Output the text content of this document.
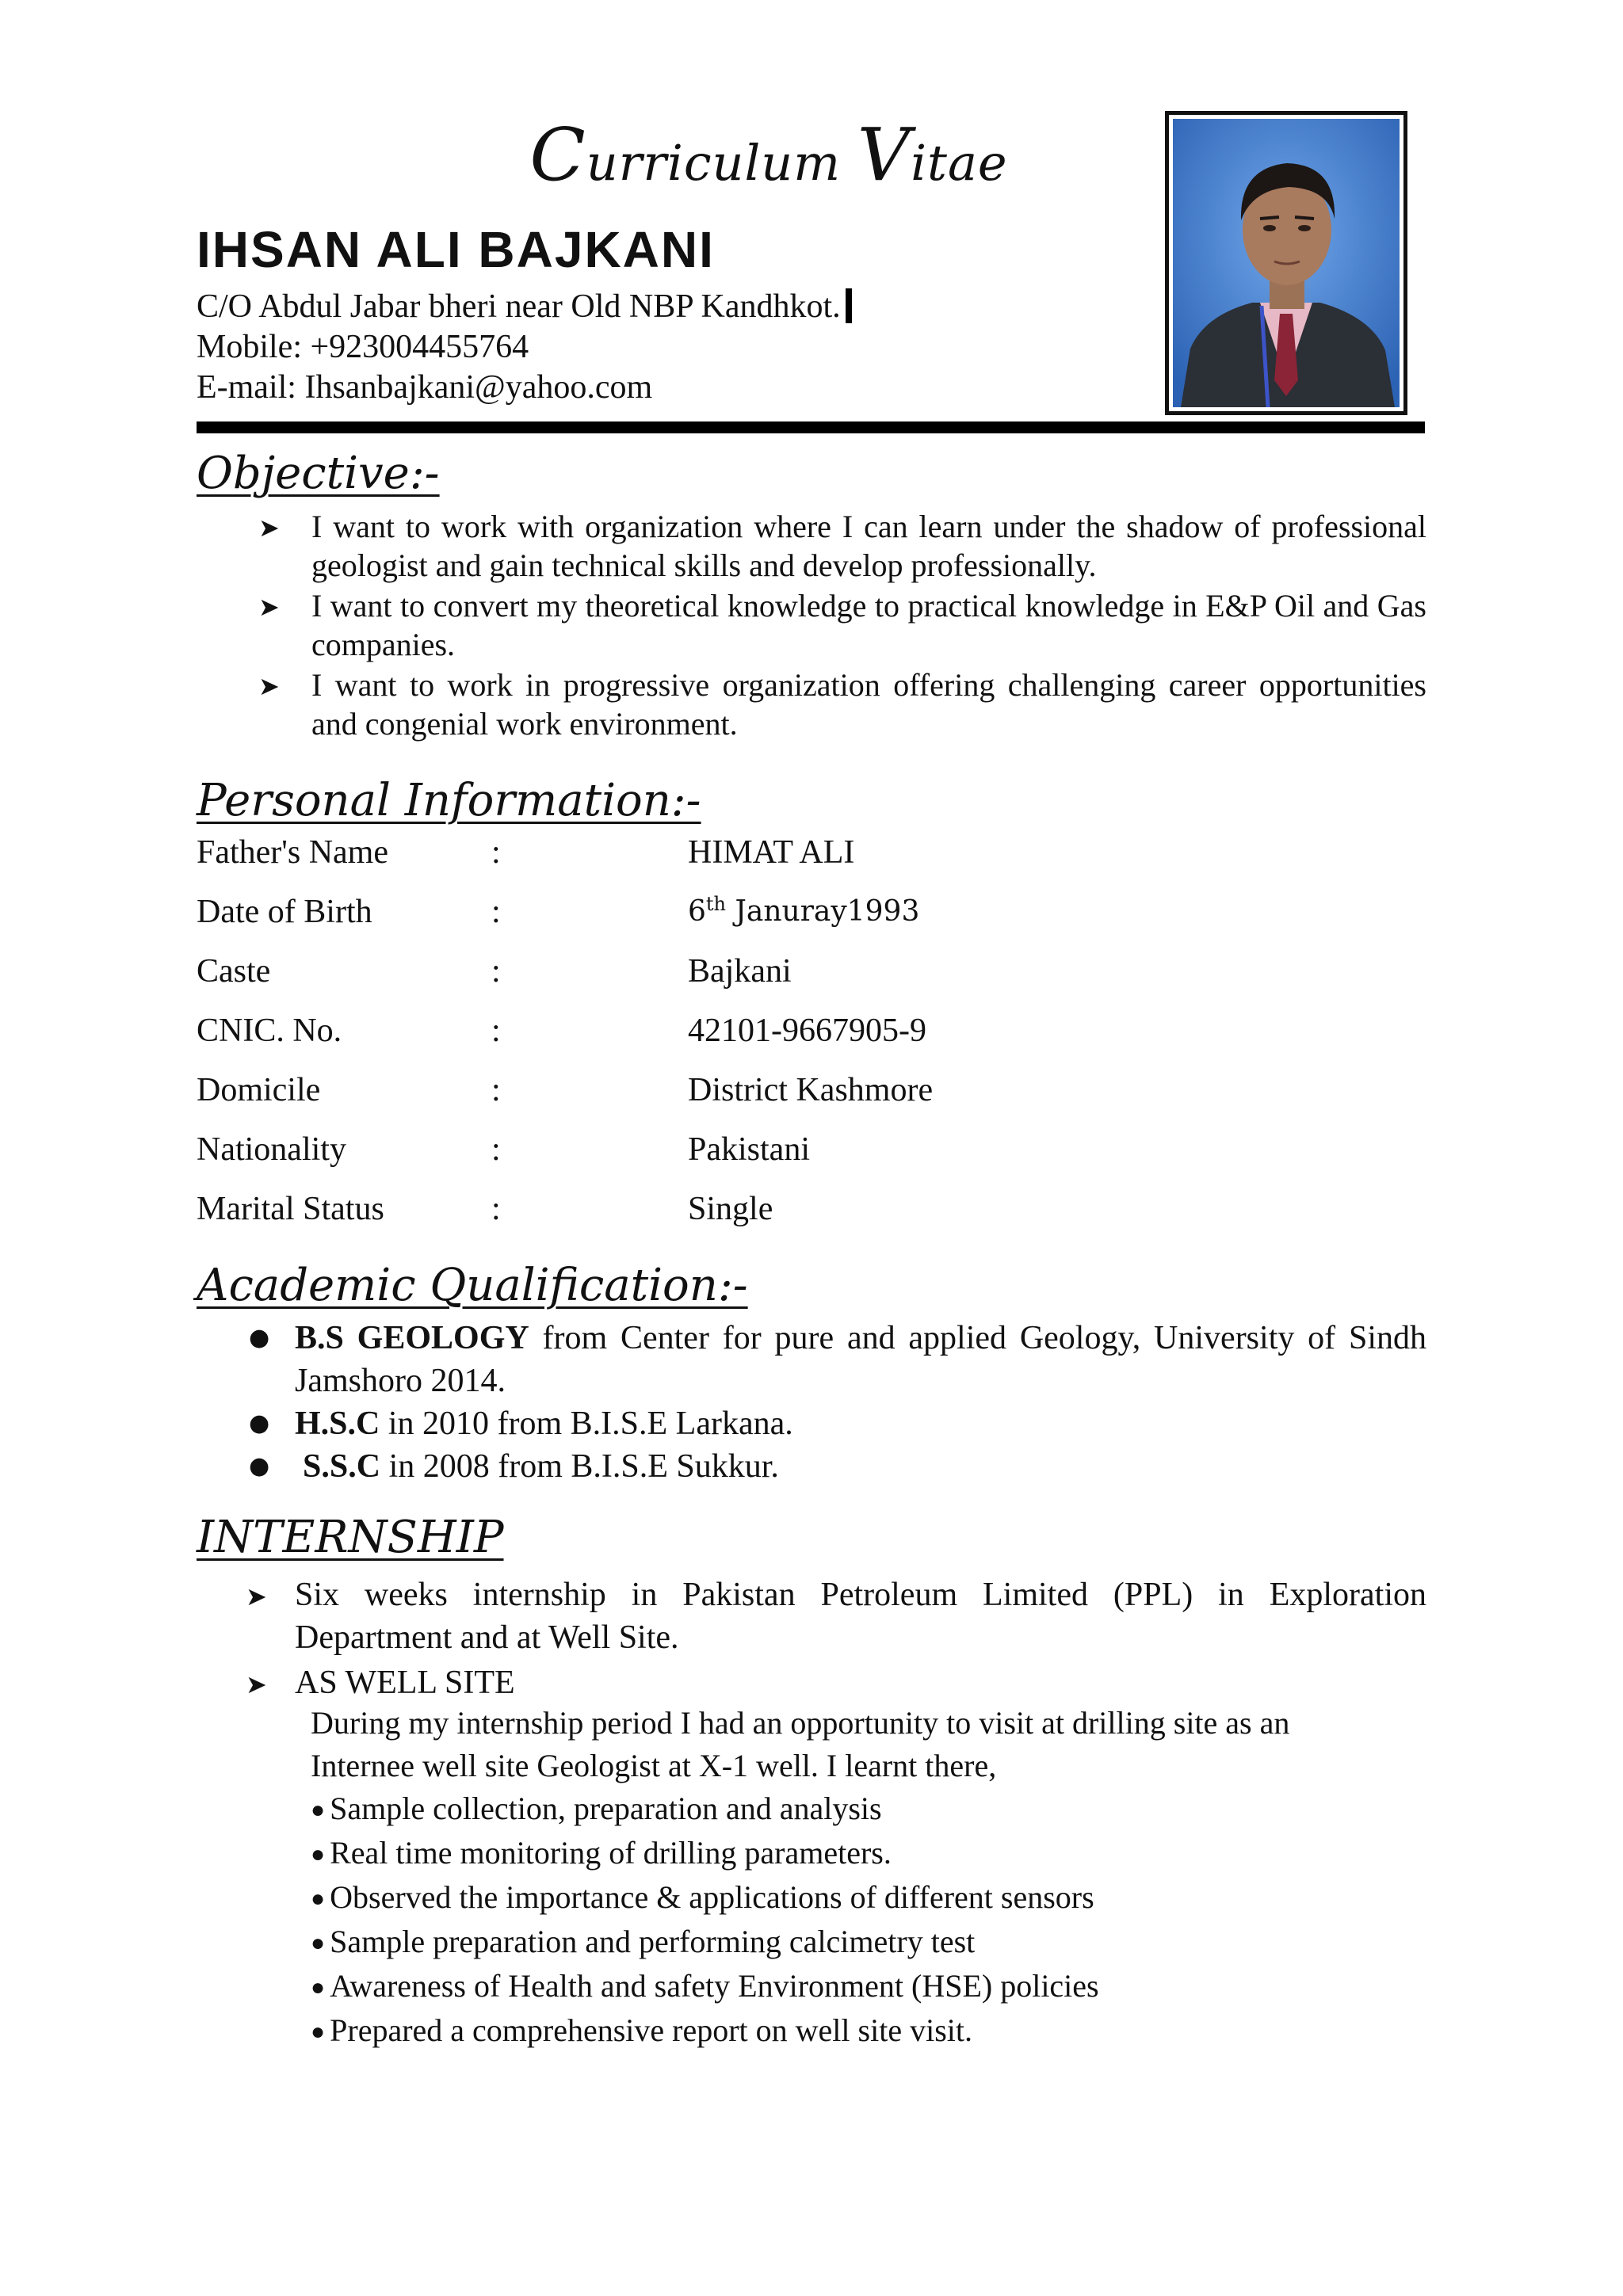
Curriculum Vitae
IHSAN ALI BAJKANI
C/O Abdul Jabar bheri near Old NBP Kandhkot.
Mobile: +923004455764
E-mail: Ihsanbajkani@yahoo.com
Objective:-
➤ I want to work with organization where I can learn under the shadow of professional geologist and gain technical skills and develop professionally.
➤ I want to convert my theoretical knowledge to practical knowledge in E&P Oil and Gas companies.
➤ I want to work in progressive organization offering challenging career opportunities and congenial work environment.
Personal Information:-
Father's Name	:	HIMAT ALI
Date of Birth	:	6th Januray1993
Caste	:	Bajkani
CNIC. No.	:	42101-9667905-9
Domicile	:	District Kashmore
Nationality	:	Pakistani
Marital Status	:	Single
Academic Qualification:-
● B.S GEOLOGY from Center for pure and applied Geology, University of Sindh Jamshoro 2014.
● H.S.C in 2010 from B.I.S.E Larkana.
● S.S.C in 2008 from B.I.S.E Sukkur.
INTERNSHIP
➤ Six weeks internship in Pakistan Petroleum Limited (PPL) in Exploration Department and at Well Site.
➤ AS WELL SITE
During my internship period I had an opportunity to visit at drilling site as an
Internee well site Geologist at X-1 well. I learnt there,
● Sample collection, preparation and analysis
● Real time monitoring of drilling parameters.
● Observed the importance & applications of different sensors
● Sample preparation and performing calcimetry test
● Awareness of Health and safety Environment (HSE) policies
● Prepared a comprehensive report on well site visit.
